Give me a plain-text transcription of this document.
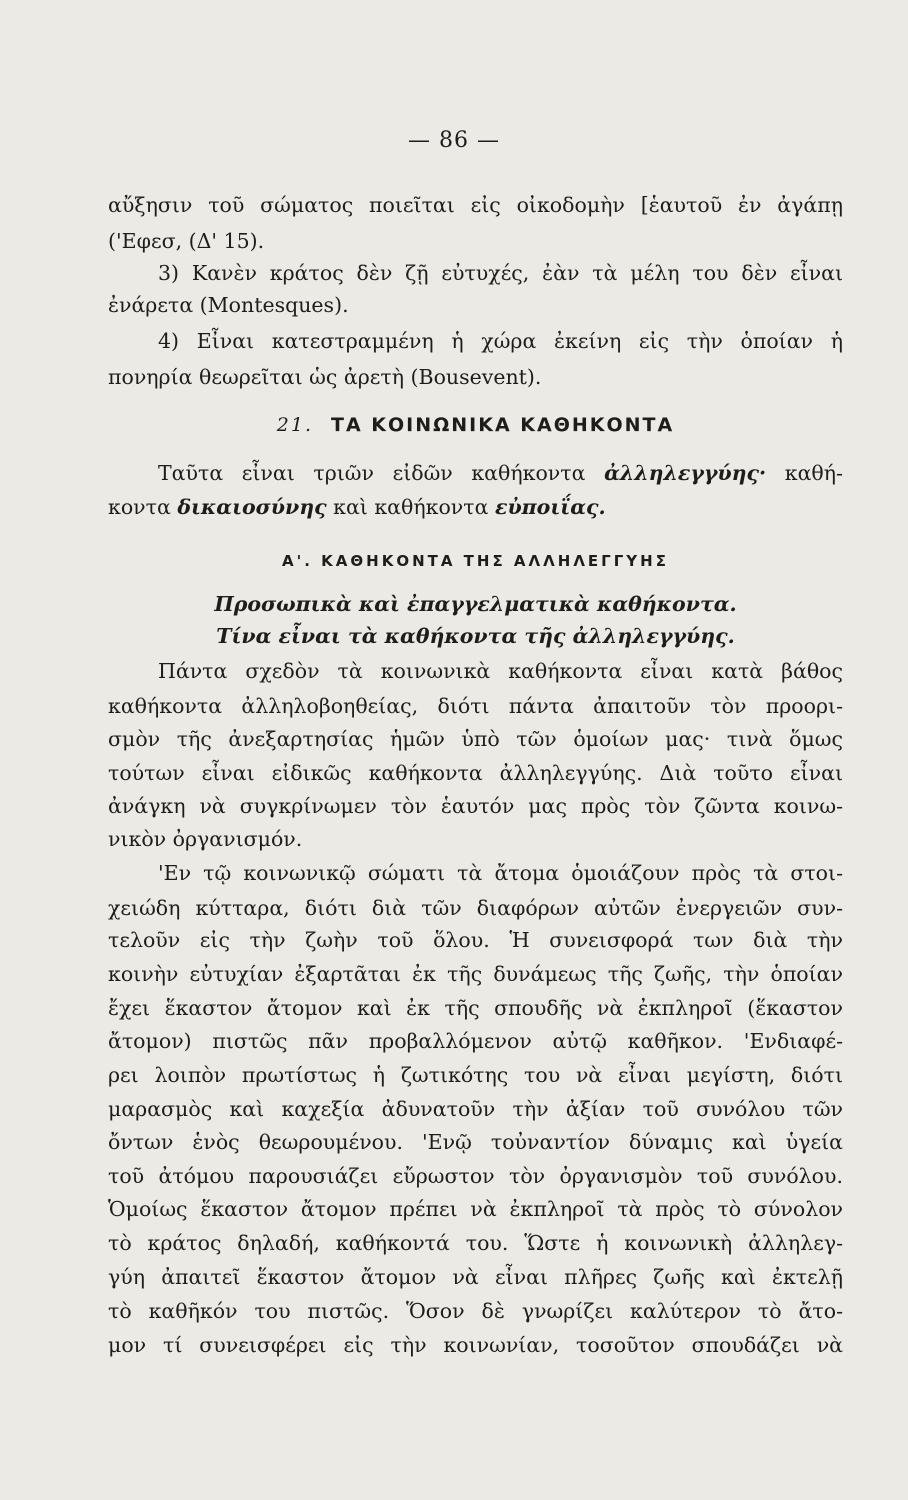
— 86 —
αὔξησιν τοῦ σώματος ποιεῖται εἰς οἰκοδομὴν [ἑαυτοῦ ἐν ἀγάπῃ
('Εφεσ, (Δ' 15).
3) Κανὲν κράτος δὲν ζῇ εὐτυχές, ἐὰν τὰ μέλη του δὲν εἶναι
ἐνάρετα (Montesques).
4) Εἶναι κατεστραμμένη ἡ χώρα ἐκείνη εἰς τὴν ὁποίαν ἡ
πονηρία θεωρεῖται ὡς ἀρετὴ (Bousevent).
21. ΤΑ ΚΟΙΝΩΝΙΚΑ ΚΑΘΗΚΟΝΤΑ
Ταῦτα εἶναι τριῶν εἰδῶν καθήκοντα ἀλληλεγγύης· καθή-
κοντα δικαιοσύνης καὶ καθήκοντα εὐποιΐας.
Α'. ΚΑΘΗΚΟΝΤΑ ΤΗΣ ΑΛΛΗΛΕΓΓΥΗΣ
Προσωπικὰ καὶ ἐπαγγελματικὰ καθήκοντα.
Τίνα εἶναι τὰ καθήκοντα τῆς ἀλληλεγγύης.
Πάντα σχεδὸν τὰ κοινωνικὰ καθήκοντα εἶναι κατὰ βάθος
καθήκοντα ἀλληλοβοηθείας, διότι πάντα ἀπαιτοῦν τὸν προορι-
σμὸν τῆς ἀνεξαρτησίας ἡμῶν ὑπὸ τῶν ὁμοίων μας· τινὰ ὅμως
τούτων εἶναι εἰδικῶς καθήκοντα ἀλληλεγγύης. Διὰ τοῦτο εἶναι
ἀνάγκη νὰ συγκρίνωμεν τὸν ἑαυτόν μας πρὸς τὸν ζῶντα κοινω-
νικὸν ὀργανισμόν.
'Εν τῷ κοινωνικῷ σώματι τὰ ἄτομα ὁμοιάζουν πρὸς τὰ στοι-
χειώδη κύτταρα, διότι διὰ τῶν διαφόρων αὐτῶν ἐνεργειῶν συν-
τελοῦν εἰς τὴν ζωὴν τοῦ ὅλου. Ἡ συνεισφορά των διὰ τὴν
κοινὴν εὐτυχίαν ἐξαρτᾶται ἐκ τῆς δυνάμεως τῆς ζωῆς, τὴν ὁποίαν
ἔχει ἕκαστον ἄτομον καὶ ἐκ τῆς σπουδῆς νὰ ἐκπληροῖ (ἕκαστον
ἄτομον) πιστῶς πᾶν προβαλλόμενον αὐτῷ καθῆκον. 'Ενδιαφέ-
ρει λοιπὸν πρωτίστως ἡ ζωτικότης του νὰ εἶναι μεγίστη, διότι
μαρασμὸς καὶ καχεξία ἀδυνατοῦν τὴν ἀξίαν τοῦ συνόλου τῶν
ὄντων ἑνὸς θεωρουμένου. 'Ενῷ τοὐναντίον δύναμις καὶ ὑγεία
τοῦ ἀτόμου παρουσιάζει εὔρωστον τὸν ὀργανισμὸν τοῦ συνόλου.
Ὁμοίως ἕκαστον ἄτομον πρέπει νὰ ἐκπληροῖ τὰ πρὸς τὸ σύνολον
τὸ κράτος δηλαδή, καθήκοντά του. Ὥστε ἡ κοινωνικὴ ἀλληλεγ-
γύη ἀπαιτεῖ ἕκαστον ἄτομον νὰ εἶναι πλῆρες ζωῆς καὶ ἐκτελῇ
τὸ καθῆκόν του πιστῶς. Ὅσον δὲ γνωρίζει καλύτερον τὸ ἄτο-
μον τί συνεισφέρει εἰς τὴν κοινωνίαν, τοσοῦτον σπουδάζει νὰ
